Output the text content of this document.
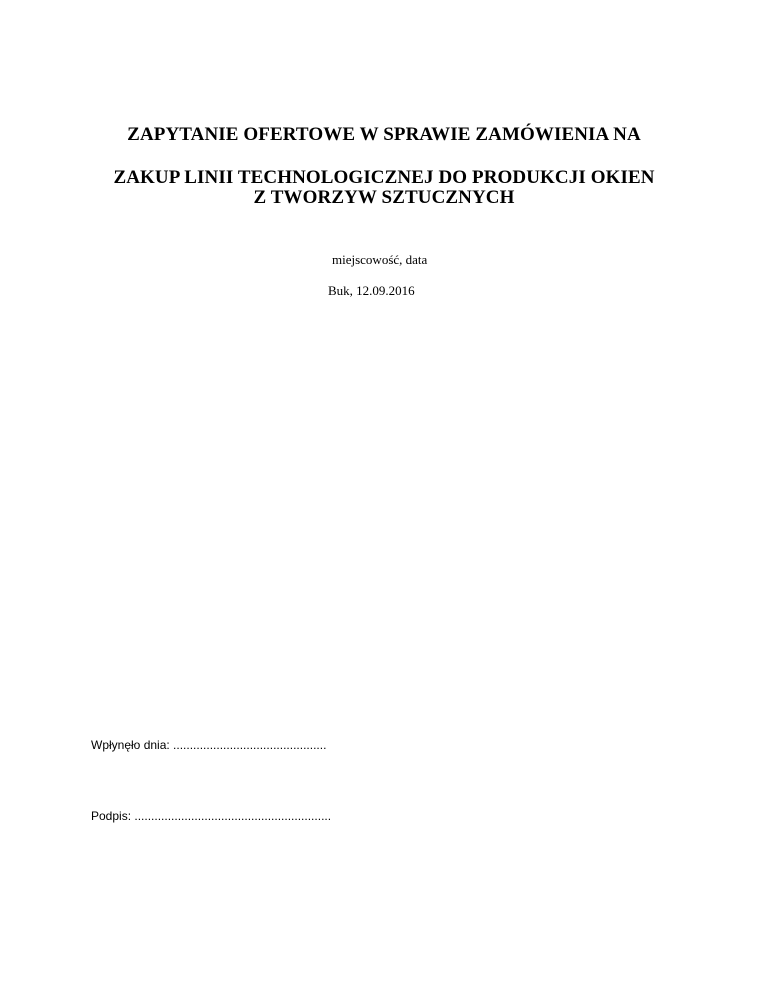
ZAPYTANIE OFERTOWE W SPRAWIE ZAMÓWIENIA NA
ZAKUP LINII TECHNOLOGICZNEJ DO PRODUKCJI OKIEN
Z TWORZYW SZTUCZNYCH
miejscowość, data
Buk, 12.09.2016
Wpłynęło dnia: ..............................................
Podpis: ...........................................................
